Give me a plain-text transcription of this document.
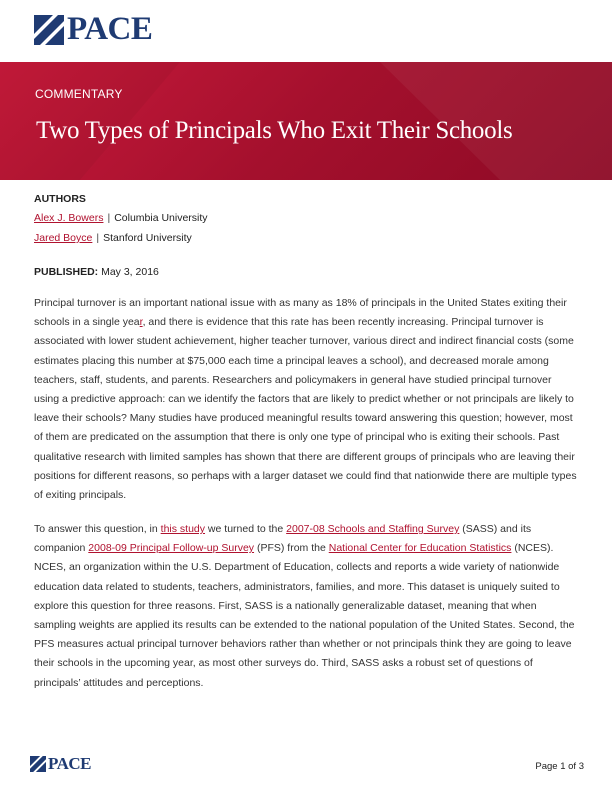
PACE
COMMENTARY
Two Types of Principals Who Exit Their Schools
AUTHORS
Alex J. Bowers | Columbia University
Jared Boyce | Stanford University
PUBLISHED: May 3, 2016

Principal turnover is an important national issue with as many as 18% of principals in the United States exiting their schools in a single year, and there is evidence that this rate has been recently increasing. Principal turnover is associated with lower student achievement, higher teacher turnover, various direct and indirect financial costs (some estimates placing this number at $75,000 each time a principal leaves a school), and decreased morale among teachers, staff, students, and parents. Researchers and policymakers in general have studied principal turnover using a predictive approach: can we identify the factors that are likely to predict whether or not principals are likely to leave their schools? Many studies have produced meaningful results toward answering this question; however, most of them are predicated on the assumption that there is only one type of principal who is exiting their schools. Past qualitative research with limited samples has shown that there are different groups of principals who are leaving their positions for different reasons, so perhaps with a larger dataset we could find that nationwide there are multiple types of exiting principals.

To answer this question, in this study we turned to the 2007-08 Schools and Staffing Survey (SASS) and its companion 2008-09 Principal Follow-up Survey (PFS) from the National Center for Education Statistics (NCES). NCES, an organization within the U.S. Department of Education, collects and reports a wide variety of nationwide education data related to students, teachers, administrators, families, and more. This dataset is uniquely suited to explore this question for three reasons. First, SASS is a nationally generalizable dataset, meaning that when sampling weights are applied its results can be extended to the national population of the United States. Second, the PFS measures actual principal turnover behaviors rather than whether or not principals think they are going to leave their schools in the upcoming year, as most other surveys do. Third, SASS asks a robust set of questions of principals’ attitudes and perceptions.

PACE	Page 1 of 3
